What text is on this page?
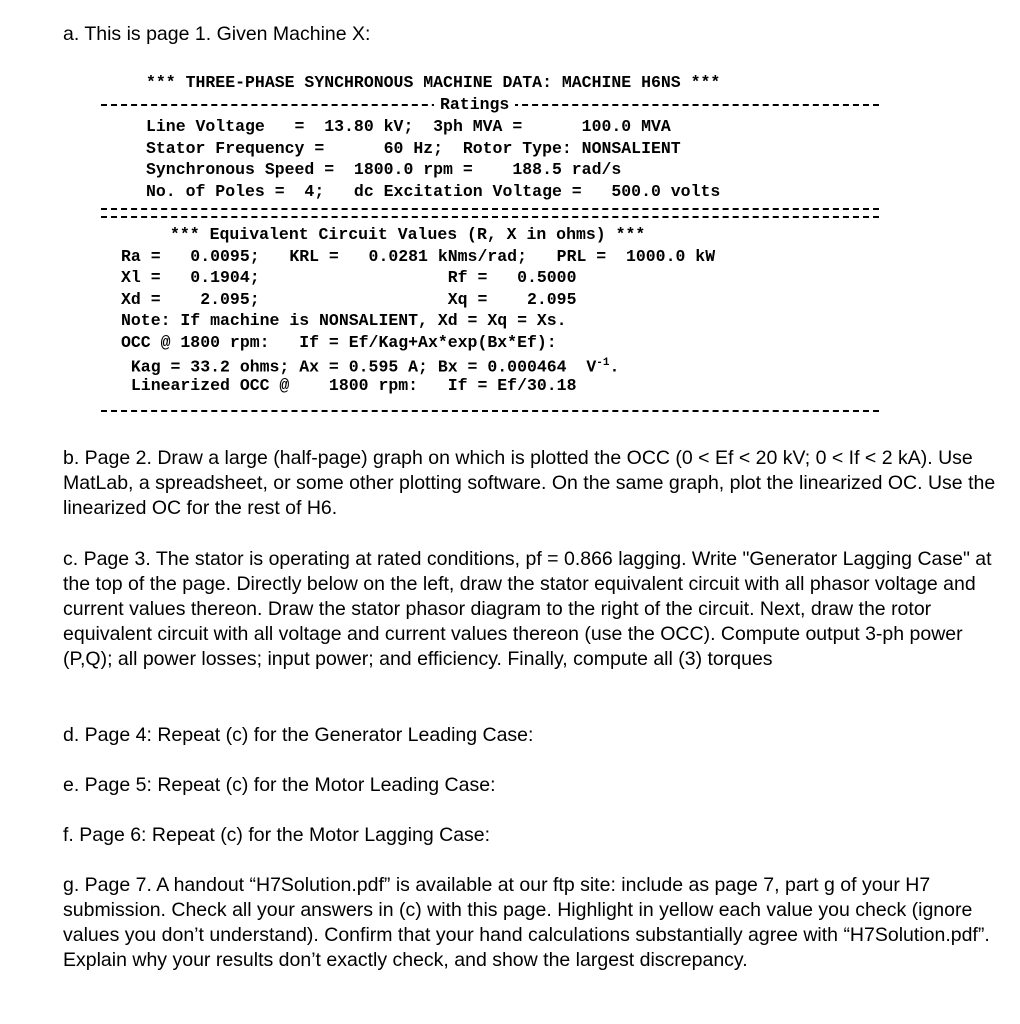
a. This is page 1. Given Machine X:
*** THREE-PHASE SYNCHRONOUS MACHINE DATA: MACHINE H6NS ***
Ratings
Line Voltage   =  13.80 kV;  3ph MVA =      100.0 MVA
Stator Frequency =      60 Hz;  Rotor Type: NONSALIENT
Synchronous Speed =  1800.0 rpm =    188.5 rad/s
No. of Poles =  4;   dc Excitation Voltage =   500.0 volts
*** Equivalent Circuit Values (R, X in ohms) ***
Ra =   0.0095;   KRL =   0.0281 kNms/rad;   PRL =  1000.0 kW
Xl =   0.1904;                   Rf =   0.5000
Xd =    2.095;                   Xq =    2.095
Note: If machine is NONSALIENT, Xd = Xq = Xs.
OCC @ 1800 rpm:   If = Ef/Kag+Ax*exp(Bx*Ef):
Kag = 33.2 ohms; Ax = 0.595 A; Bx = 0.000464  $V^{-1}$.
Linearized OCC @    1800 rpm:   If = Ef/30.18

b. Page 2. Draw a large (half-page) graph on which is plotted the OCC (0 < Ef < 20 kV; 0 < If < 2 kA). Use MatLab, a spreadsheet, or some other plotting software. On the same graph, plot the linearized OC. Use the linearized OC for the rest of H6.

c. Page 3. The stator is operating at rated conditions, pf = 0.866 lagging. Write "Generator Lagging Case" at the top of the page. Directly below on the left, draw the stator equivalent circuit with all phasor voltage and current values thereon. Draw the stator phasor diagram to the right of the circuit. Next, draw the rotor equivalent circuit with all voltage and current values thereon (use the OCC). Compute output 3-ph power (P,Q); all power losses; input power; and efficiency. Finally, compute all (3) torques

d. Page 4: Repeat (c) for the Generator Leading Case:

e. Page 5: Repeat (c) for the Motor Leading Case:

f. Page 6: Repeat (c) for the Motor Lagging Case:

g. Page 7. A handout “H7Solution.pdf” is available at our ftp site: include as page 7, part g of your H7 submission. Check all your answers in (c) with this page. Highlight in yellow each value you check (ignore values you don’t understand). Confirm that your hand calculations substantially agree with “H7Solution.pdf”. Explain why your results don’t exactly check, and show the largest discrepancy.
